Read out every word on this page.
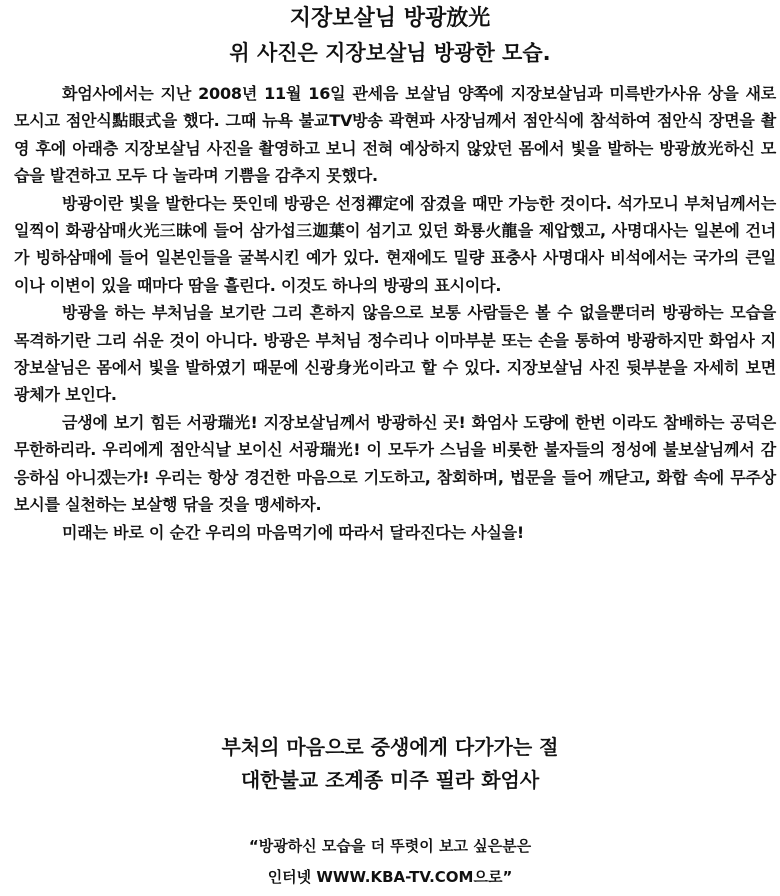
지장보살님 방광放光
위 사진은 지장보살님 방광한 모습.

화엄사에서는 지난 2008년 11월 16일 관세음 보살님 양쪽에 지장보살님과 미륵반가사유 상을 새로 모시고 점안식點眼式을 했다. 그때 뉴욕 불교TV방송 곽현파 사장님께서 점안식에 참석하여 점안식 장면을 촬영 후에 아래층 지장보살님 사진을 촬영하고 보니 전혀 예상하지 않았던 몸에서 빛을 발하는 방광放光하신 모습을 발견하고 모두 다 놀라며 기쁨을 감추지 못했다.

방광이란 빛을 발한다는 뜻인데 방광은 선정禪定에 잠겼을 때만 가능한 것이다. 석가모니 부처님께서는 일찍이 화광삼매火光三昧에 들어 삼가섭三迦葉이 섬기고 있던 화룡火龍을 제압했고, 사명대사는 일본에 건너가 빙하삼매에 들어 일본인들을 굴복시킨 예가 있다. 현재에도 밀량 표충사 사명대사 비석에서는 국가의 큰일이나 이변이 있을 때마다 땀을 흘린다. 이것도 하나의 방광의 표시이다.

방광을 하는 부처님을 보기란 그리 흔하지 않음으로 보통 사람들은 볼 수 없을뿐더러 방광하는 모습을 목격하기란 그리 쉬운 것이 아니다. 방광은 부처님 정수리나 이마부분 또는 손을 통하여 방광하지만 화엄사 지장보살님은 몸에서 빛을 발하였기 때문에 신광身光이라고 할 수 있다. 지장보살님 사진 뒷부분을 자세히 보면 광체가 보인다.

금생에 보기 힘든 서광瑞光! 지장보살님께서 방광하신 곳! 화엄사 도량에 한번 이라도 참배하는 공덕은 무한하리라. 우리에게 점안식날 보이신 서광瑞光! 이 모두가 스님을 비롯한 불자들의 정성에 불보살님께서 감응하심 아니겠는가! 우리는 항상 경건한 마음으로 기도하고, 참회하며, 법문을 들어 깨닫고, 화합 속에 무주상 보시를 실천하는 보살행 닦을 것을 맹세하자.

미래는 바로 이 순간 우리의 마음먹기에 따라서 달라진다는 사실을!

부처의 마음으로 중생에게 다가가는 절
대한불교 조계종 미주 필라 화엄사
“방광하신 모습을 더 뚜렷이 보고 싶은분은
인터넷 WWW.KBA-TV.COM으로”
